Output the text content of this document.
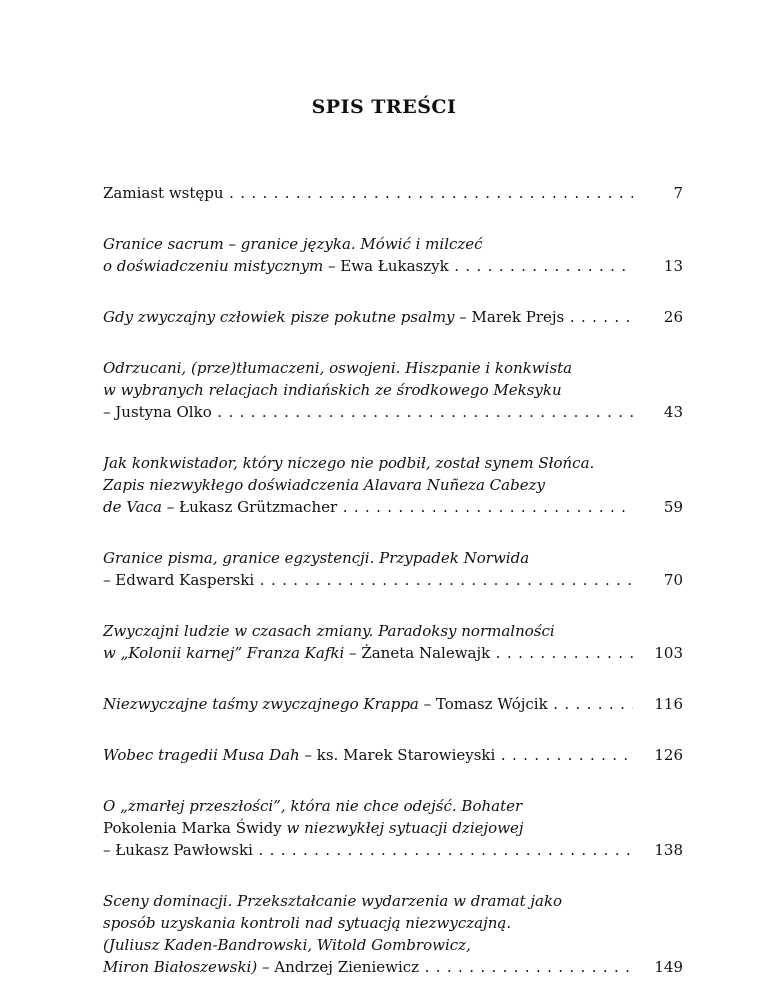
SPIS TREŚCI
Zamiast wstępu . . .	7
Granice sacrum – granice języka. Mówić i milczeć
o doświadczeniu mistycznym – Ewa Łukaszyk . . .	13
Gdy zwyczajny człowiek pisze pokutne psalmy – Marek Prejs . . .	26
Odrzucani, (prze)tłumaczeni, oswojeni. Hiszpanie i konkwista
w wybranych relacjach indiańskich ze środkowego Meksyku
– Justyna Olko . . .	43
Jak konkwistador, który niczego nie podbił, został synem Słońca.
Zapis niezwykłego doświadczenia Alavara Nuñeza Cabezy
de Vaca – Łukasz Grützmacher . . .	59
Granice pisma, granice egzystencji. Przypadek Norwida
– Edward Kasperski . . .	70
Zwyczajni ludzie w czasach zmiany. Paradoksy normalności
w „Kolonii karnej” Franza Kafki – Żaneta Nalewajk . . .	103
Niezwyczajne taśmy zwyczajnego Krappa – Tomasz Wójcik . . .	116
Wobec tragedii Musa Dah – ks. Marek Starowieyski . . .	126
O „zmarłej przeszłości”, która nie chce odejść. Bohater
Pokolenia Marka Świdy w niezwykłej sytuacji dziejowej
– Łukasz Pawłowski . . .	138
Sceny dominacji. Przekształcanie wydarzenia w dramat jako
sposób uzyskania kontroli nad sytuacją niezwyczajną.
(Juliusz Kaden-Bandrowski, Witold Gombrowicz,
Miron Białoszewski) – Andrzej Zieniewicz . . .	149
